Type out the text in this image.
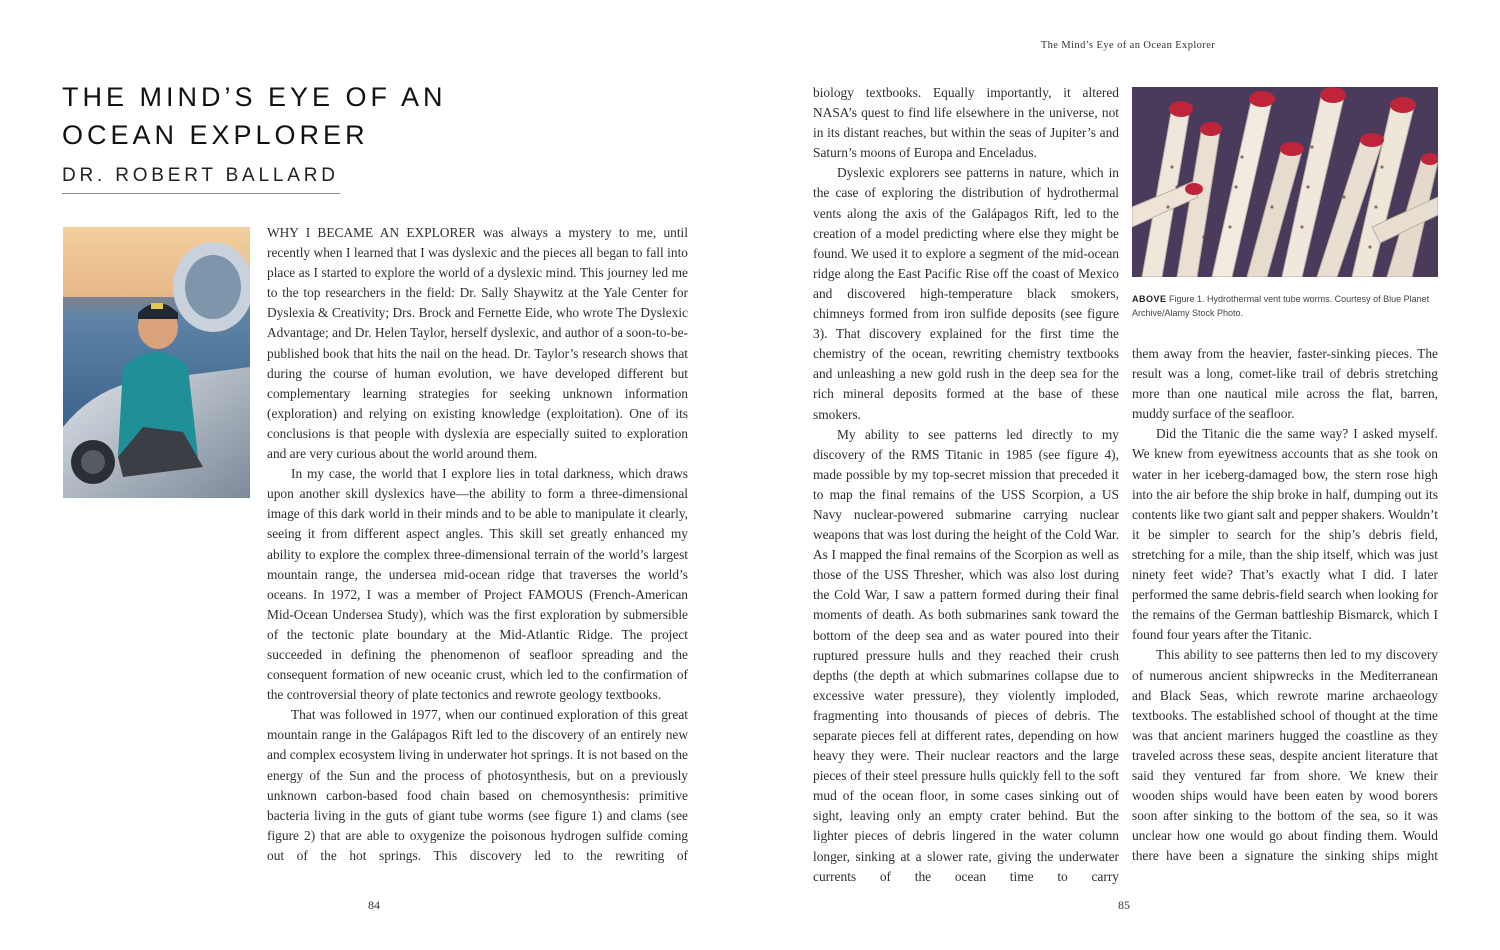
THE MIND’S EYE OF AN OCEAN EXPLORER
DR. ROBERT BALLARD

WHY I BECAME AN EXPLORER was always a mystery to me, until recently when I learned that I was dyslexic and the pieces all began to fall into place as I started to explore the world of a dyslexic mind. This journey led me to the top researchers in the field: Dr. Sally Shaywitz at the Yale Center for Dyslexia & Creativity; Drs. Brock and Fernette Eide, who wrote The Dyslexic Advantage; and Dr. Helen Taylor, herself dyslexic, and author of a soon-to-be-published book that hits the nail on the head. Dr. Taylor’s research shows that during the course of human evolution, we have developed different but complementary learning strategies for seeking unknown information (exploration) and relying on existing knowledge (exploitation). One of its conclusions is that people with dyslexia are especially suited to exploration and are very curious about the world around them.

In my case, the world that I explore lies in total darkness, which draws upon another skill dyslexics have—the ability to form a three-dimensional image of this dark world in their minds and to be able to manipulate it clearly, seeing it from different aspect angles. This skill set greatly enhanced my ability to explore the complex three-dimensional terrain of the world’s largest mountain range, the undersea mid-ocean ridge that traverses the world’s oceans. In 1972, I was a member of Project FAMOUS (French-American Mid-Ocean Undersea Study), which was the first exploration by submersible of the tectonic plate boundary at the Mid-Atlantic Ridge. The project succeeded in defining the phenomenon of seafloor spreading and the consequent formation of new oceanic crust, which led to the confirmation of the controversial theory of plate tectonics and rewrote geology textbooks.

That was followed in 1977, when our continued exploration of this great mountain range in the Galápagos Rift led to the discovery of an entirely new and complex ecosystem living in underwater hot springs. It is not based on the energy of the Sun and the process of photosynthesis, but on a previously unknown carbon-based food chain based on chemosynthesis: primitive bacteria living in the guts of giant tube worms (see figure 1) and clams (see figure 2) that are able to oxygenize the poisonous hydrogen sulfide coming out of the hot springs. This discovery led to the rewriting of

84
The Mind’s Eye of an Ocean Explorer

biology textbooks. Equally importantly, it altered NASA’s quest to find life elsewhere in the universe, not in its distant reaches, but within the seas of Jupiter’s and Saturn’s moons of Europa and Enceladus.

Dyslexic explorers see patterns in nature, which in the case of exploring the distribution of hydrothermal vents along the axis of the Galápagos Rift, led to the creation of a model predicting where else they might be found. We used it to explore a segment of the mid-ocean ridge along the East Pacific Rise off the coast of Mexico and discovered high-temperature black smokers, chimneys formed from iron sulfide deposits (see figure 3). That discovery explained for the first time the chemistry of the ocean, rewriting chemistry textbooks and unleashing a new gold rush in the deep sea for the rich mineral deposits formed at the base of these smokers.

My ability to see patterns led directly to my discovery of the RMS Titanic in 1985 (see figure 4), made possible by my top-secret mission that preceded it to map the final remains of the USS Scorpion, a US Navy nuclear-powered submarine carrying nuclear weapons that was lost during the height of the Cold War. As I mapped the final remains of the Scorpion as well as those of the USS Thresher, which was also lost during the Cold War, I saw a pattern formed during their final moments of death. As both submarines sank toward the bottom of the deep sea and as water poured into their ruptured pressure hulls and they reached their crush depths (the depth at which submarines collapse due to excessive water pressure), they violently imploded, fragmenting into thousands of pieces of debris. The separate pieces fell at different rates, depending on how heavy they were. Their nuclear reactors and the large pieces of their steel pressure hulls quickly fell to the soft mud of the ocean floor, in some cases sinking out of sight, leaving only an empty crater behind. But the lighter pieces of debris lingered in the water column longer, sinking at a slower rate, giving the underwater currents of the ocean time to carry

ABOVE Figure 1. Hydrothermal vent tube worms. Courtesy of Blue Planet Archive/Alamy Stock Photo.

them away from the heavier, faster-sinking pieces. The result was a long, comet-like trail of debris stretching more than one nautical mile across the flat, barren, muddy surface of the seafloor.

Did the Titanic die the same way? I asked myself. We knew from eyewitness accounts that as she took on water in her iceberg-damaged bow, the stern rose high into the air before the ship broke in half, dumping out its contents like two giant salt and pepper shakers. Wouldn’t it be simpler to search for the ship’s debris field, stretching for a mile, than the ship itself, which was just ninety feet wide? That’s exactly what I did. I later performed the same debris-field search when looking for the remains of the German battleship Bismarck, which I found four years after the Titanic.

This ability to see patterns then led to my discovery of numerous ancient shipwrecks in the Mediterranean and Black Seas, which rewrote marine archaeology textbooks. The established school of thought at the time was that ancient mariners hugged the coastline as they traveled across these seas, despite ancient literature that said they ventured far from shore. We knew their wooden ships would have been eaten by wood borers soon after sinking to the bottom of the sea, so it was unclear how one would go about finding them. Would there have been a signature the sinking ships might

85
